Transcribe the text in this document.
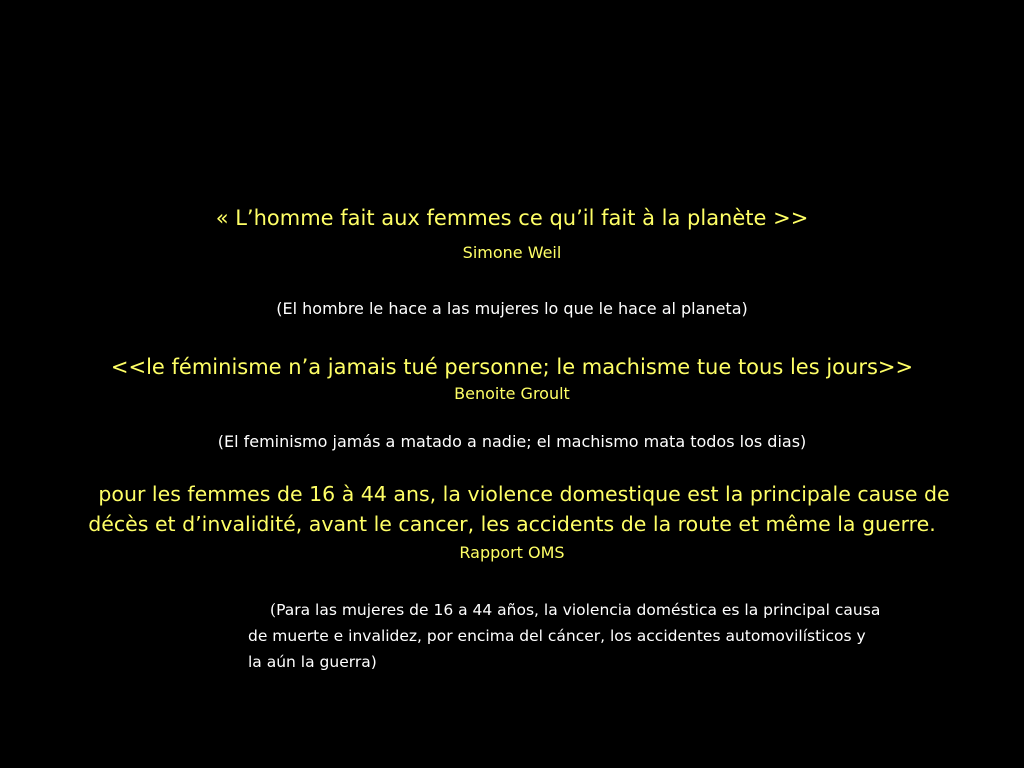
« L’homme fait aux femmes ce qu’il fait à la planète >>
Simone Weil
(El hombre le hace a las mujeres lo que le hace al planeta)
<<le féminisme n’a jamais tué personne; le machisme tue tous les jours>>
Benoite Groult
(El feminismo jamás a matado a nadie; el machismo mata todos los dias)
pour les femmes de 16 à 44 ans, la violence domestique est la principale cause de
décès et d’invalidité, avant le cancer, les accidents de la route et même la guerre.
Rapport OMS
(Para las mujeres de 16 a 44 años, la violencia doméstica es la principal causa
de muerte e invalidez, por encima del cáncer, los accidentes automovilísticos y
la aún la guerra)
